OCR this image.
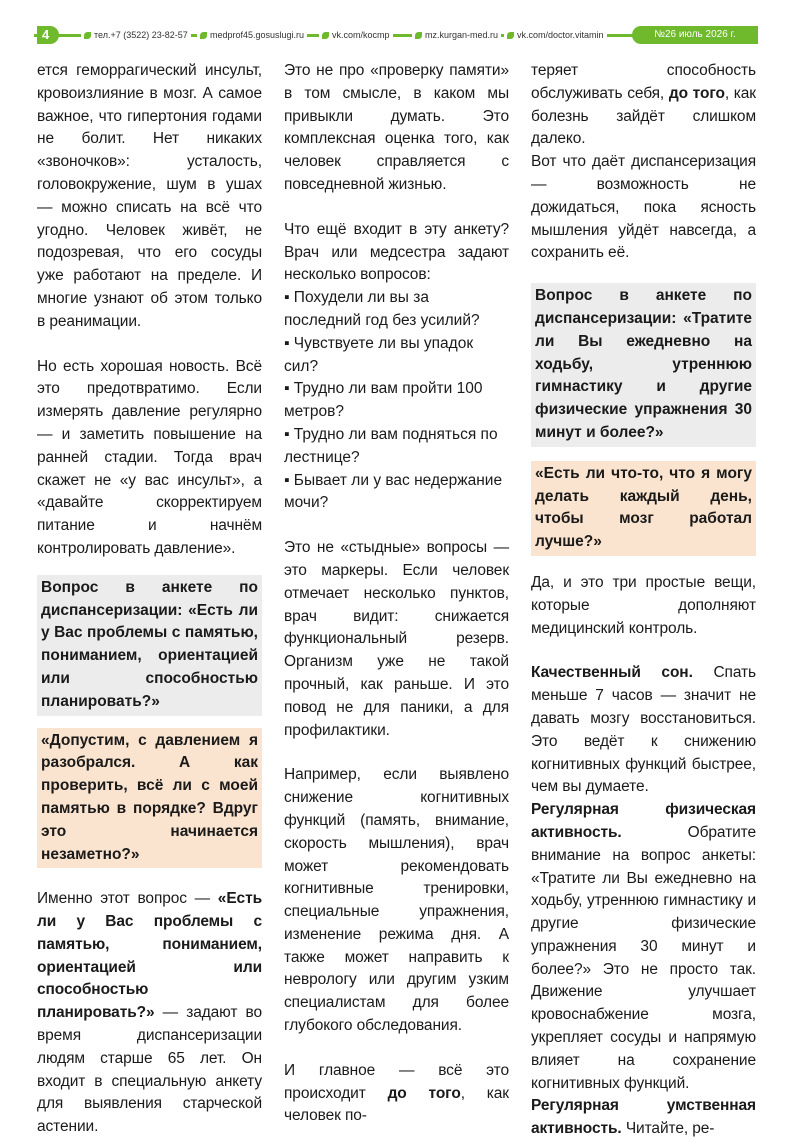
4	тел.+7 (3522) 23-82-57	medprof45.gosuslugi.ru	vk.com/kocmp	mz.kurgan-med.ru	vk.com/doctor.vitamin	№26 июль 2026 г.

ется геморрагический инсульт, кровоизлияние в мозг. А самое важное, что гипертония годами не болит. Нет никаких «звоночков»: усталость, головокружение, шум в ушах — можно списать на всё что угодно. Человек живёт, не подозревая, что его сосуды уже работают на пределе. И многие узнают об этом только в реанимации.

Но есть хорошая новость. Всё это предотвратимо. Если измерять давление регулярно — и заметить повышение на ранней стадии. Тогда врач скажет не «у вас инсульт», а «давайте скорректируем питание и начнём контролировать давление».

Вопрос в анкете по диспансеризации: «Есть ли у Вас проблемы с памятью, пониманием, ориентацией или способностью планировать?»
«Допустим, с давлением я разобрался. А как проверить, всё ли с моей памятью в порядке? Вдруг это начинается незаметно?»

Именно этот вопрос — «Есть ли у Вас проблемы с памятью, пониманием, ориентацией или способностью планировать?» — задают во время диспансеризации людям старше 65 лет. Он входит в специальную анкету для выявления старческой астении.

Это не про «проверку памяти» в том смысле, в каком мы привыкли думать. Это комплексная оценка того, как человек справляется с повседневной жизнью.

Что ещё входит в эту анкету? Врач или медсестра задают несколько вопросов:

▪ Похудели ли вы за последний год без усилий?
▪ Чувствуете ли вы упадок сил?
▪ Трудно ли вам пройти 100 метров?
▪ Трудно ли вам подняться по лестнице?
▪ Бывает ли у вас недержание мочи?

Это не «стыдные» вопросы — это маркеры. Если человек отмечает несколько пунктов, врач видит: снижается функциональный резерв. Организм уже не такой прочный, как раньше. И это повод не для паники, а для профилактики.

Например, если выявлено снижение когнитивных функций (память, внимание, скорость мышления), врач может рекомендовать когнитивные тренировки, специальные упражнения, изменение режима дня. А также может направить к неврологу или другим узким специалистам для более глубокого обследования.

И главное — всё это происходит до того, как человек по-

теряет способность обслуживать себя, до того, как болезнь зайдёт слишком далеко.

Вот что даёт диспансеризация — возможность не дожидаться, пока ясность мышления уйдёт навсегда, а сохранить её.

Вопрос в анкете по диспансеризации: «Тратите ли Вы ежедневно на ходьбу, утреннюю гимнастику и другие физические упражнения 30 минут и более?»
«Есть ли что-то, что я могу делать каждый день, чтобы мозг работал лучше?»

Да, и это три простые вещи, которые дополняют медицинский контроль.

Качественный сон. Спать меньше 7 часов — значит не давать мозгу восстановиться. Это ведёт к снижению когнитивных функций быстрее, чем вы думаете.

Регулярная физическая активность. Обратите внимание на вопрос анкеты: «Тратите ли Вы ежедневно на ходьбу, утреннюю гимнастику и другие физические упражнения 30 минут и более?» Это не просто так. Движение улучшает кровоснабжение мозга, укрепляет сосуды и напрямую влияет на сохранение когнитивных функций.

Регулярная умственная активность. Читайте, ре-
